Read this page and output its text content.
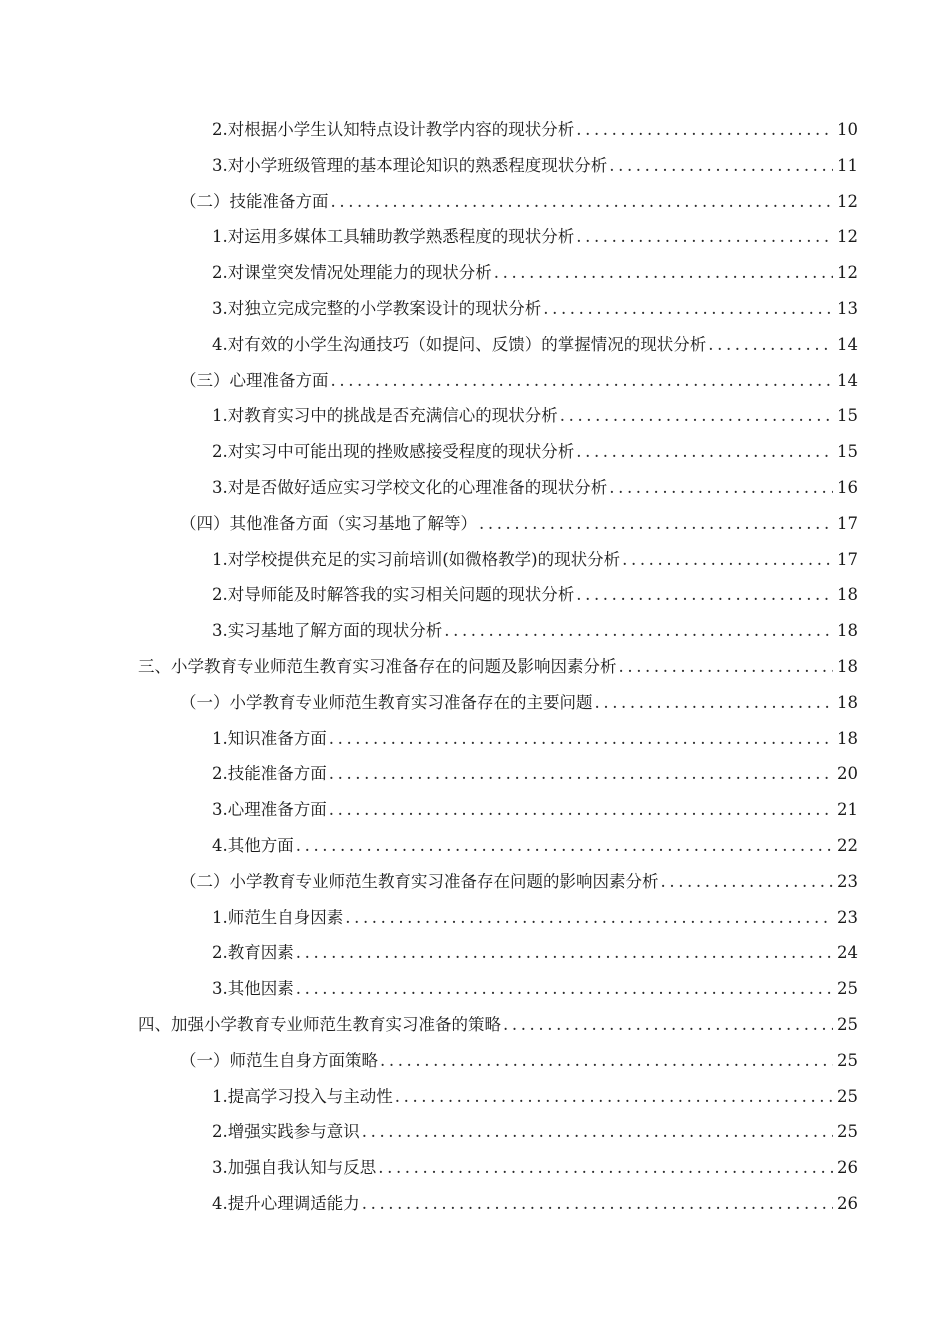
2.对根据小学生认知特点设计教学内容的现状分析 .....	10
3.对小学班级管理的基本理论知识的熟悉程度现状分析 .....	11
（二）技能准备方面 .....	12
1.对运用多媒体工具辅助教学熟悉程度的现状分析 .....	12
2.对课堂突发情况处理能力的现状分析 .....	12
3.对独立完成完整的小学教案设计的现状分析 .....	13
4.对有效的小学生沟通技巧（如提问、反馈）的掌握情况的现状分析 .....	14
（三）心理准备方面 .....	14
1.对教育实习中的挑战是否充满信心的现状分析 .....	15
2.对实习中可能出现的挫败感接受程度的现状分析 .....	15
3.对是否做好适应实习学校文化的心理准备的现状分析 .....	16
（四）其他准备方面（实习基地了解等） .....	17
1.对学校提供充足的实习前培训(如微格教学)的现状分析 .....	17
2.对导师能及时解答我的实习相关问题的现状分析 .....	18
3.实习基地了解方面的现状分析 .....	18
三、小学教育专业师范生教育实习准备存在的问题及影响因素分析 .....	18
（一）小学教育专业师范生教育实习准备存在的主要问题 .....	18
1.知识准备方面 .....	18
2.技能准备方面 .....	20
3.心理准备方面 .....	21
4.其他方面 .....	22
（二）小学教育专业师范生教育实习准备存在问题的影响因素分析 .....	23
1.师范生自身因素 .....	23
2.教育因素 .....	24
3.其他因素 .....	25
四、加强小学教育专业师范生教育实习准备的策略 .....	25
（一）师范生自身方面策略 .....	25
1.提高学习投入与主动性 .....	25
2.增强实践参与意识 .....	25
3.加强自我认知与反思 .....	26
4.提升心理调适能力 .....	26
